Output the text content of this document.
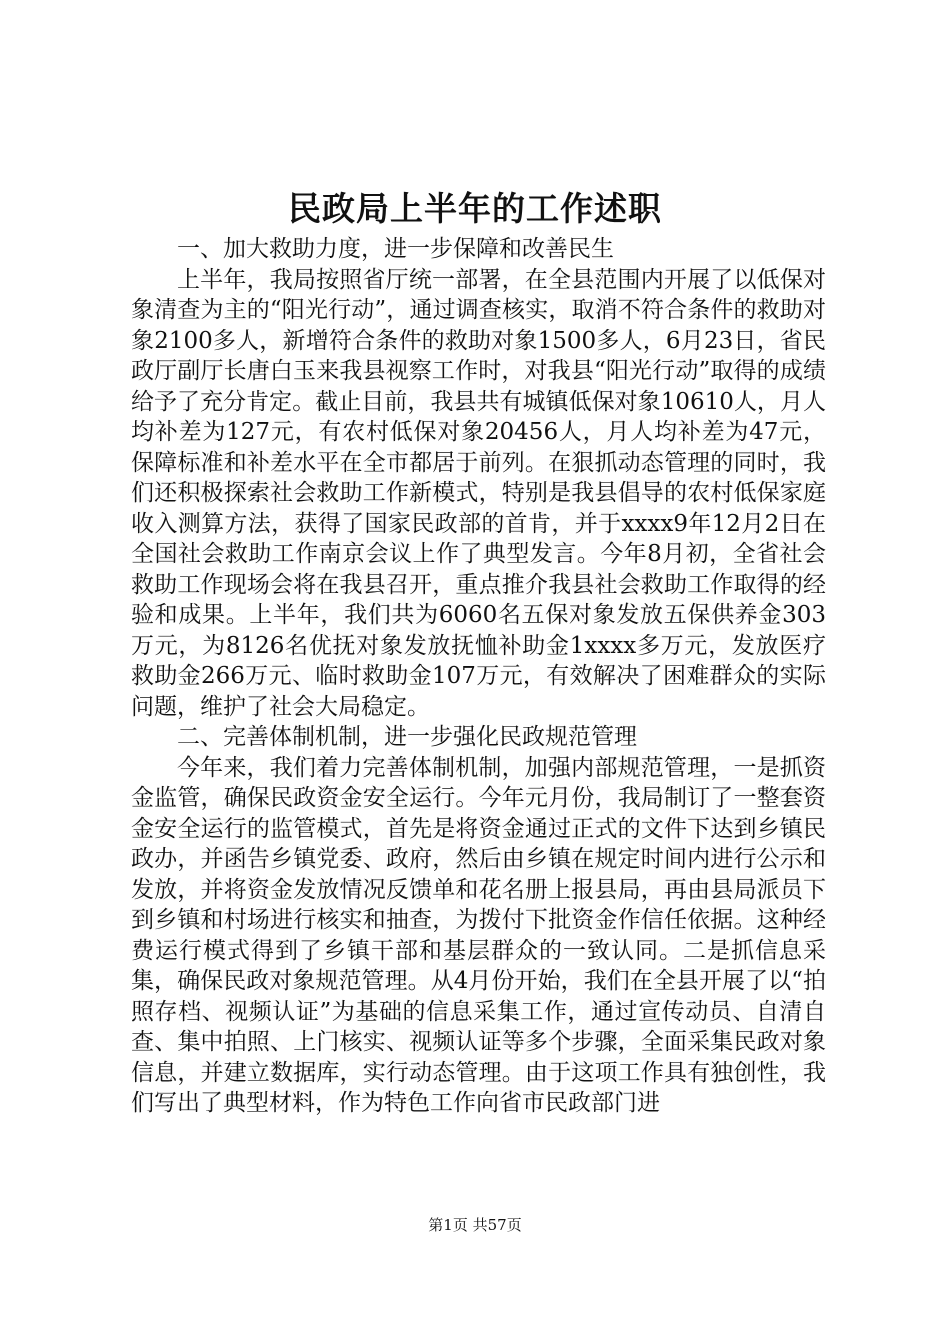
民政局上半年的工作述职

一、加大救助力度，进一步保障和改善民生

上半年，我局按照省厅统一部署，在全县范围内开展了以低保对象清查为主的“阳光行动”，通过调查核实，取消不符合条件的救助对象2100多人，新增符合条件的救助对象1500多人，6月23日，省民政厅副厅长唐白玉来我县视察工作时，对我县“阳光行动”取得的成绩给予了充分肯定。截止目前，我县共有城镇低保对象10610人，月人均补差为127元，有农村低保对象20456人，月人均补差为47元，保障标准和补差水平在全市都居于前列。在狠抓动态管理的同时，我们还积极探索社会救助工作新模式，特别是我县倡导的农村低保家庭收入测算方法，获得了国家民政部的首肯，并于xxxx9年12月2日在全国社会救助工作南京会议上作了典型发言。今年8月初，全省社会救助工作现场会将在我县召开，重点推介我县社会救助工作取得的经验和成果。上半年，我们共为6060名五保对象发放五保供养金303万元，为8126名优抚对象发放抚恤补助金1xxxx多万元，发放医疗救助金266万元、临时救助金107万元，有效解决了困难群众的实际问题，维护了社会大局稳定。

二、完善体制机制，进一步强化民政规范管理

今年来，我们着力完善体制机制，加强内部规范管理，一是抓资金监管，确保民政资金安全运行。今年元月份，我局制订了一整套资金安全运行的监管模式，首先是将资金通过正式的文件下达到乡镇民政办，并函告乡镇党委、政府，然后由乡镇在规定时间内进行公示和发放，并将资金发放情况反馈单和花名册上报县局，再由县局派员下到乡镇和村场进行核实和抽查，为拨付下批资金作信任依据。这种经费运行模式得到了乡镇干部和基层群众的一致认同。二是抓信息采集，确保民政对象规范管理。从4月份开始，我们在全县开展了以“拍照存档、视频认证”为基础的信息采集工作，通过宣传动员、自清自查、集中拍照、上门核实、视频认证等多个步骤，全面采集民政对象信息，并建立数据库，实行动态管理。由于这项工作具有独创性，我们写出了典型材料，作为特色工作向省市民政部门进

第1页 共57页
